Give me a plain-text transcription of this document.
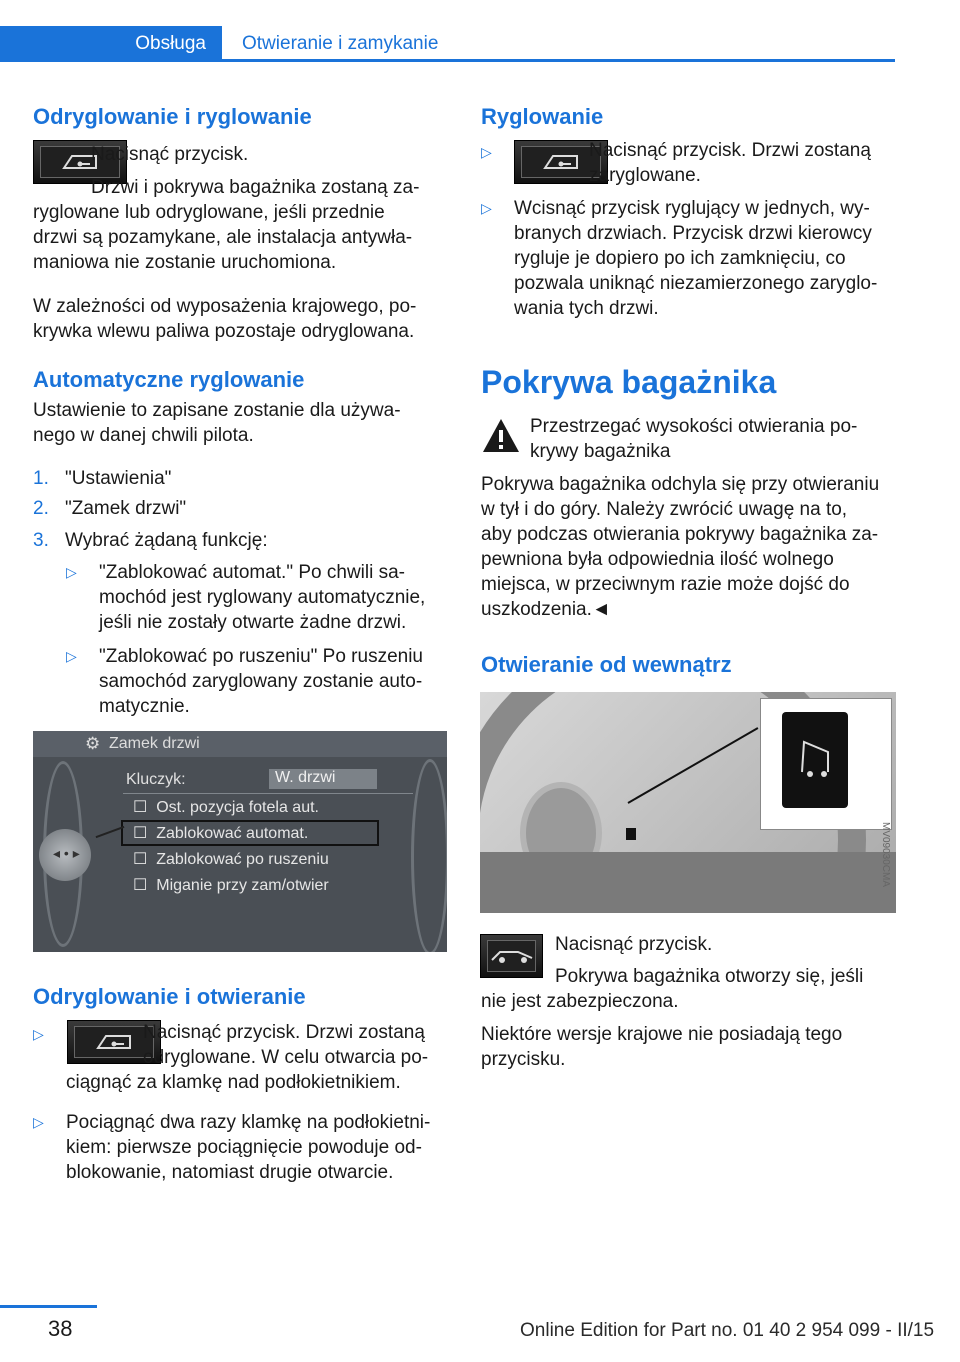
Obsługa Otwieranie i zamykanie
Odryglowanie i ryglowanie

Nacisnąć przycisk.

Drzwi i pokrywa bagażnika zostaną za‐

ryglowane lub odryglowane, jeśli przednie

drzwi są pozamykane, ale instalacja antywła‐

maniowa nie zostanie uruchomiona.

W zależności od wyposażenia krajowego, po‐

krywka wlewu paliwa pozostaje odryglowana.

Automatyczne ryglowanie

Ustawienie to zapisane zostanie dla używa‐

nego w danej chwili pilota.

1. "Ustawienia"
2. "Zamek drzwi"
3. Wybrać żądaną funkcję:
▷ "Zablokować automat." Po chwili sa‐

mochód jest ryglowany automatycznie,

jeśli nie zostały otwarte żadne drzwi.

▷ "Zablokować po ruszeniu" Po ruszeniu

samochód zaryglowany zostanie auto‐

matycznie.

⚙ Zamek drzwi
◂ • ▸
Kluczyk:	W. drzwi
☐  Ost. pozycja fotela aut.
☐  Zablokować automat.
☐  Zablokować po ruszeniu
☐  Miganie przy zam/otwier
Odryglowanie i otwieranie
▷	Nacisnąć przycisk. Drzwi zostaną

odryglowane. W celu otwarcia po‐

ciągnąć za klamkę nad podłokietnikiem.

▷ Pociągnąć dwa razy klamkę na podłokietni‐

kiem: pierwsze pociągnięcie powoduje od‐

blokowanie, natomiast drugie otwarcie.

Ryglowanie
▷	Nacisnąć przycisk. Drzwi zostaną

zaryglowane.

▷ Wcisnąć przycisk ryglujący w jednych, wy‐

branych drzwiach. Przycisk drzwi kierowcy

rygluje je dopiero po ich zamknięciu, co

pozwala uniknąć niezamierzonego zaryglo‐

wania tych drzwi.

Pokrywa bagażnika

Przestrzegać wysokości otwierania po‐

krywy bagażnika

Pokrywa bagażnika odchyla się przy otwieraniu

w tył i do góry. Należy zwrócić uwagę na to,

aby podczas otwierania pokrywy bagażnika za‐

pewniona była odpowiednia ilość wolnego

miejsca, w przeciwnym razie może dojść do

uszkodzenia.◄

Otwieranie od wewnątrz
MV09030CMA

Nacisnąć przycisk.

Pokrywa bagażnika otworzy się, jeśli

nie jest zabezpieczona.

Niektóre wersje krajowe nie posiadają tego

przycisku.

38	Online Edition for Part no. 01 40 2 954 099 - II/15
